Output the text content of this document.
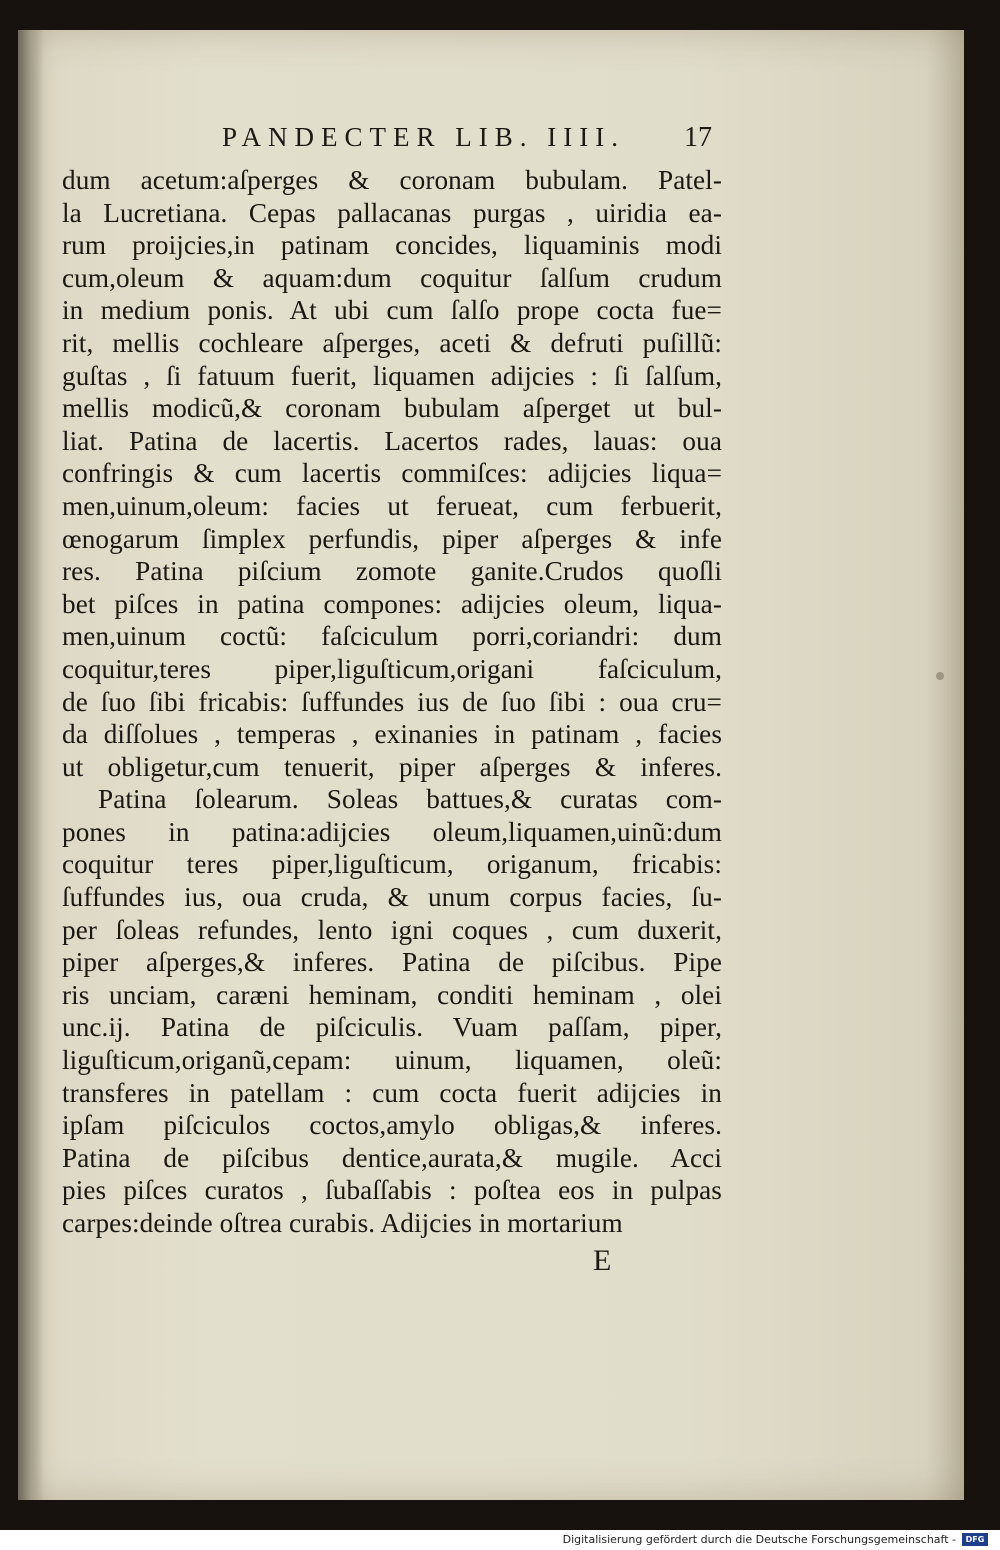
PANDECTER LIB. IIII. 17
dum acetum:aſperges & coronam bubulam. Patel-
la Lucretiana. Cepas pallacanas purgas , uiridia ea-
rum proijcies,in patinam concides, liquaminis modi
cum,oleum & aquam:dum coquitur ſalſum crudum
in medium ponis. At ubi cum ſalſo prope cocta fue=
rit, mellis cochleare aſperges, aceti & defruti puſillũ:
guſtas , ſi fatuum fuerit, liquamen adijcies : ſi ſalſum,
mellis modicũ,& coronam bubulam aſperget ut bul-
liat. Patina de lacertis. Lacertos rades, lauas: oua
confringis & cum lacertis commiſces: adijcies liqua=
men,uinum,oleum: facies ut ferueat, cum ferbuerit,
œnogarum ſimplex perfundis, piper aſperges & infe
res. Patina piſcium zomote ganite.Crudos quoſli
bet piſces in patina compones: adijcies oleum, liqua-
men,uinum coctũ: faſciculum porri,coriandri: dum
coquitur,teres piper,liguſticum,origani faſciculum,
de ſuo ſibi fricabis: ſuffundes ius de ſuo ſibi : oua cru=
da diſſolues , temperas , exinanies in patinam , facies
ut obligetur,cum tenuerit, piper aſperges & inferes.
Patina ſolearum. Soleas battues,& curatas com-
pones in patina:adijcies oleum,liquamen,uinũ:dum
coquitur teres piper,liguſticum, origanum, fricabis:
ſuffundes ius, oua cruda, & unum corpus facies, ſu-
per ſoleas refundes, lento igni coques , cum duxerit,
piper aſperges,& inferes. Patina de piſcibus. Pipe
ris unciam, caræni heminam, conditi heminam , olei
unc.ij. Patina de piſciculis. Vuam paſſam, piper,
liguſticum,origanũ,cepam: uinum, liquamen, oleũ:
transferes in patellam : cum cocta fuerit adijcies in
ipſam piſciculos coctos,amylo obligas,& inferes.
Patina de piſcibus dentice,aurata,& mugile. Acci
pies piſces curatos , ſubaſſabis : poſtea eos in pulpas
carpes:deinde oſtrea curabis. Adijcies in mortarium
E
Digitalisierung gefördert durch die Deutsche Forschungsgemeinschaft -	DFG
